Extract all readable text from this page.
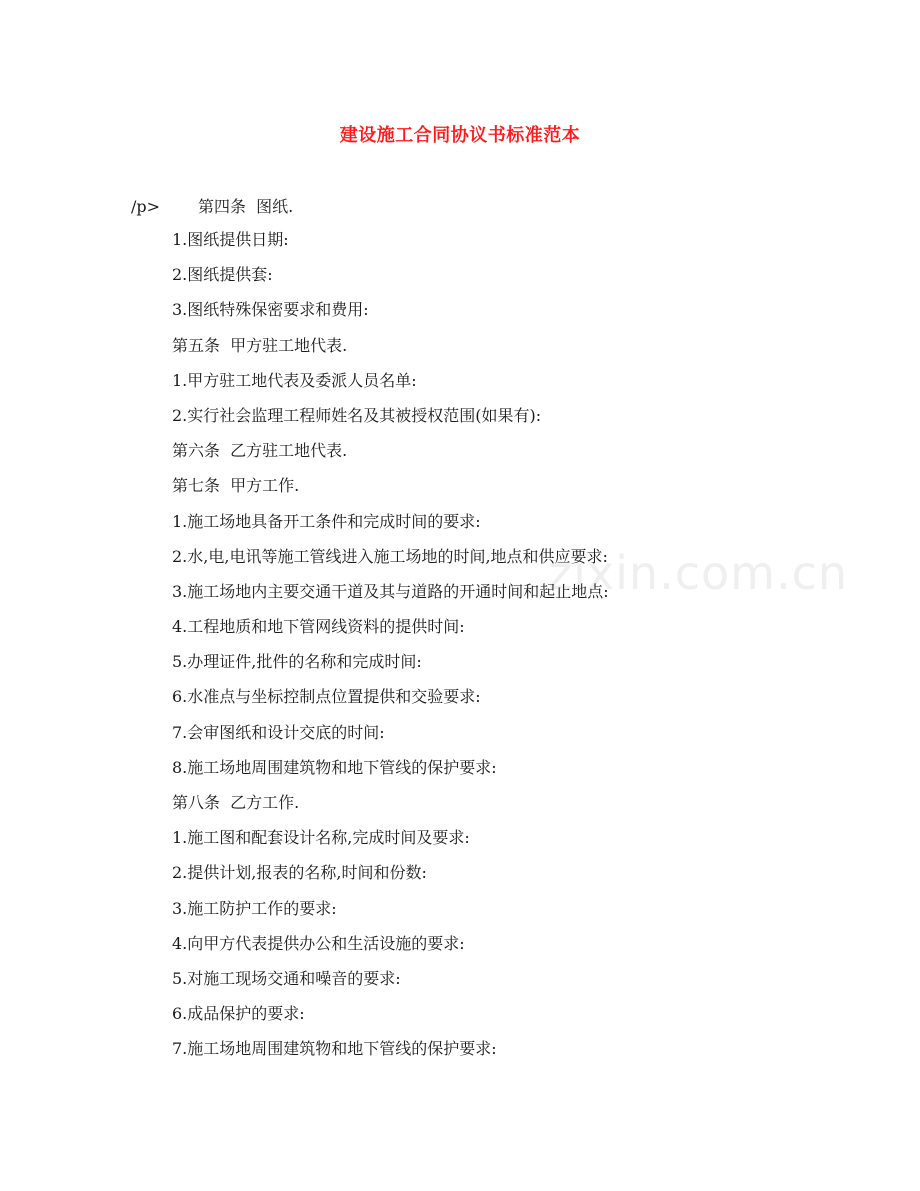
zixin.com.cn
建设施工合同协议书标准范本
/p> 第四条  图纸.
1.图纸提供日期:
2.图纸提供套:
3.图纸特殊保密要求和费用:
第五条  甲方驻工地代表.
1.甲方驻工地代表及委派人员名单:
2.实行社会监理工程师姓名及其被授权范围(如果有):
第六条  乙方驻工地代表.
第七条  甲方工作.
1.施工场地具备开工条件和完成时间的要求:
2.水,电,电讯等施工管线进入施工场地的时间,地点和供应要求:
3.施工场地内主要交通干道及其与道路的开通时间和起止地点:
4.工程地质和地下管网线资料的提供时间:
5.办理证件,批件的名称和完成时间:
6.水准点与坐标控制点位置提供和交验要求:
7.会审图纸和设计交底的时间:
8.施工场地周围建筑物和地下管线的保护要求:
第八条  乙方工作.
1.施工图和配套设计名称,完成时间及要求:
2.提供计划,报表的名称,时间和份数:
3.施工防护工作的要求:
4.向甲方代表提供办公和生活设施的要求:
5.对施工现场交通和噪音的要求:
6.成品保护的要求:
7.施工场地周围建筑物和地下管线的保护要求:
